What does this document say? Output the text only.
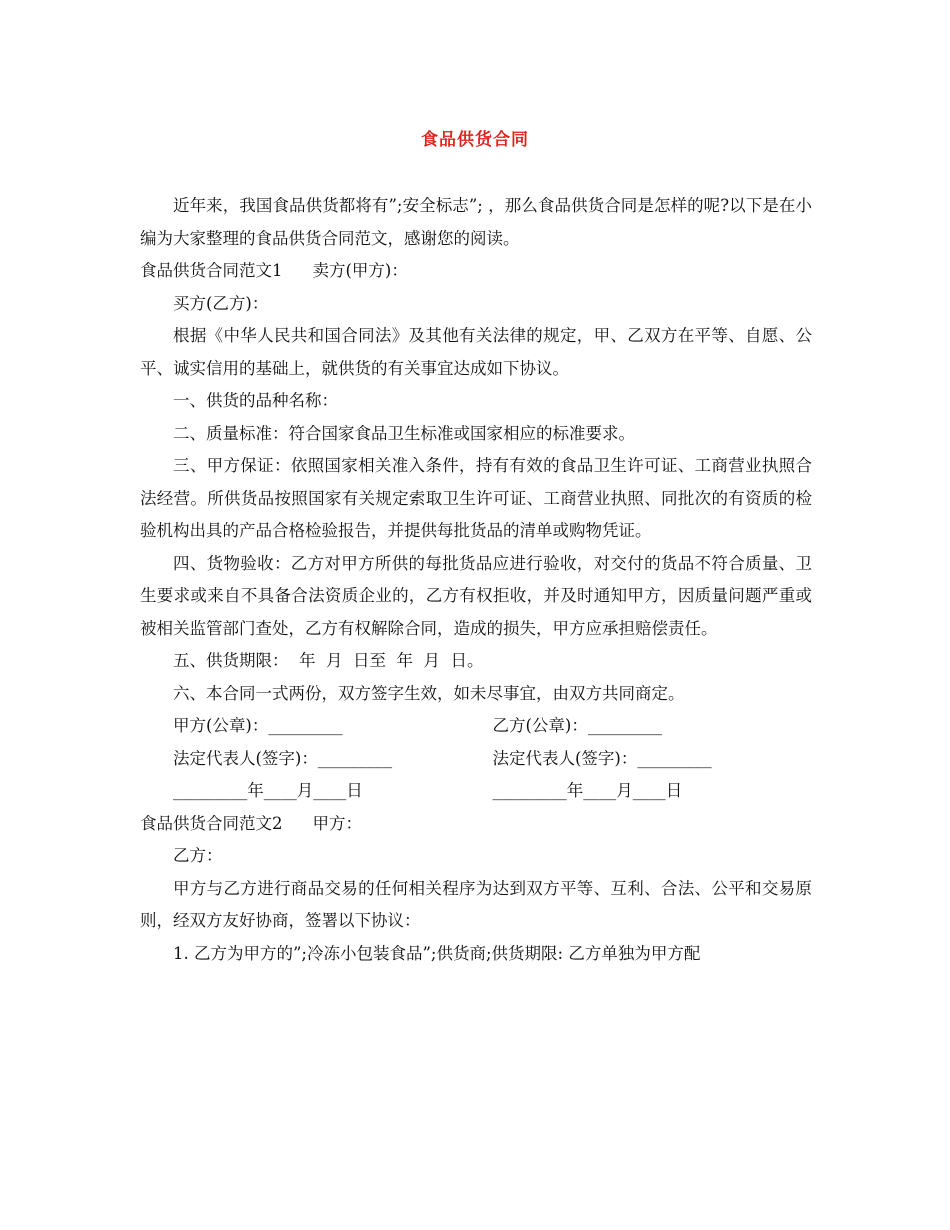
食品供货合同

近年来，我国食品供货都将有”;安全标志”; ，那么食品供货合同是怎样的呢?以下是在小编为大家整理的食品供货合同范文，感谢您的阅读。

食品供货合同范文1 卖方(甲方)：

买方(乙方)：

根据《中华人民共和国合同法》及其他有关法律的规定，甲、乙双方在平等、自愿、公平、诚实信用的基础上，就供货的有关事宜达成如下协议。

一、供货的品种名称：

二、质量标准：符合国家食品卫生标准或国家相应的标准要求。

三、甲方保证：依照国家相关准入条件，持有有效的食品卫生许可证、工商营业执照合法经营。所供货品按照国家有关规定索取卫生许可证、工商营业执照、同批次的有资质的检验机构出具的产品合格检验报告，并提供每批货品的清单或购物凭证。

四、货物验收：乙方对甲方所供的每批货品应进行验收，对交付的货品不符合质量、卫生要求或来自不具备合法资质企业的，乙方有权拒收，并及时通知甲方，因质量问题严重或被相关监管部门查处，乙方有权解除合同，造成的损失，甲方应承担赔偿责任。

五、供货期限：  年  月  日至  年  月  日。

六、本合同一式两份，双方签字生效，如未尽事宜，由双方共同商定。

甲方(公章)：_________	乙方(公章)：_________
法定代表人(签字)：_________	法定代表人(签字)：_________
_________年____月____日	_________年____月____日

食品供货合同范文2 甲方：

乙方：

甲方与乙方进行商品交易的任何相关程序为达到双方平等、互利、合法、公平和交易原则，经双方友好协商，签署以下协议：

1. 乙方为甲方的”;冷冻小包装食品”;供货商;供货期限: 乙方单独为甲方配
